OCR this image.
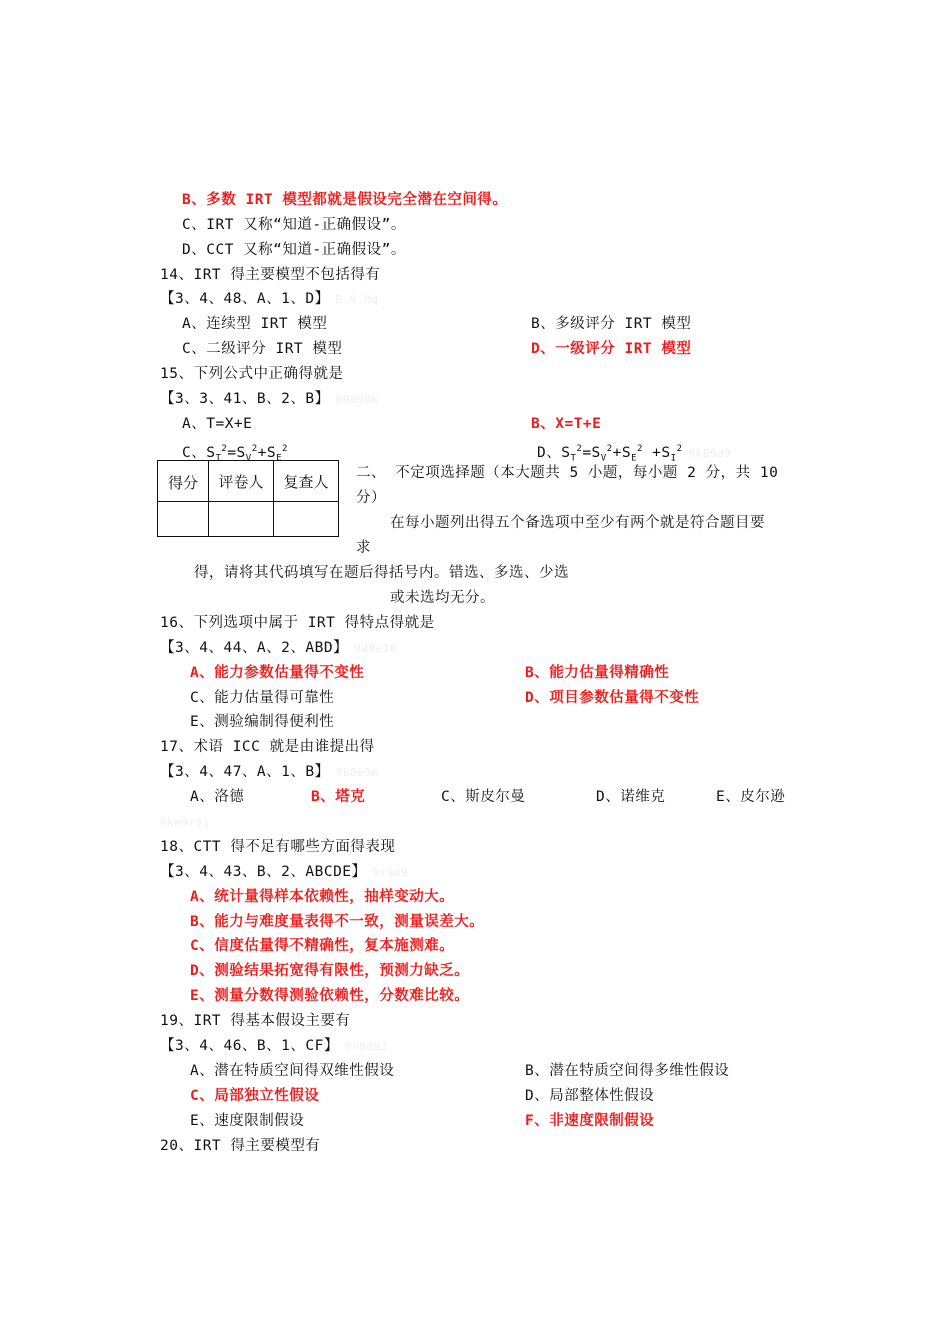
B、多数 IRT 模型都就是假设完全潜在空间得。
C、IRT 又称“知道-正确假设”。
D、CCT 又称“知道-正确假设”。
14、IRT 得主要模型不包括得有
【3、4、48、A、1、D】 D.9.Mq
A、连续型 IRT 模型	B、多级评分 IRT 模型
C、二级评分 IRT 模型	D、一级评分 IRT 模型
15、下列公式中正确得就是
【3、3、41、B、2、B】 B9d9Ok
A、T=X+E	B、X=T+E
C、$S_T^2=S_V^2+S_E^2$	D、$S_T^2=S_V^2+S_E^2 +S_I^2$ 9kB9d9
得分	评卷人	复查人
		二、 不定项选择题（本大题共 5 小题，每小题 2 分，共 10
分）
在每小题列出得五个备选项中至少有两个就是符合题目要
求
得，请将其代码填写在题后得括号内。错选、多选、少选
或未选均无分。
16、下列选项中属于 IRT 得特点得就是
【3、4、44、A、2、ABD】 9d9eIB
A、能力参数估量得不变性	B、能力估量得精确性
C、能力估量得可靠性	D、项目参数估量得不变性
E、测验编制得便利性
17、术语 ICC 就是由谁提出得
【3、4、47、A、1、B】 9kOe9m
A、洛德	B、塔克	C、斯皮尔曼	D、诺维克	E、皮尔逊
9km9r9i
18、CTT 得不足有哪些方面得表现
【3、4、43、B、2、ABCDE】 9r9d9
A、统计量得样本依赖性，抽样变动大。
B、能力与难度量表得不一致，测量误差大。
C、信度估量得不精确性，复本施测难。
D、测验结果拓宽得有限性，预测力缺乏。
E、测量分数得测验依赖性，分数难比较。
19、IRT 得基本假设主要有
【3、4、46、B、1、CF】 9r9d9J
A、潜在特质空间得双维性假设	B、潜在特质空间得多维性假设
C、局部独立性假设	D、局部整体性假设
E、速度限制假设	F、非速度限制假设
20、IRT 得主要模型有
